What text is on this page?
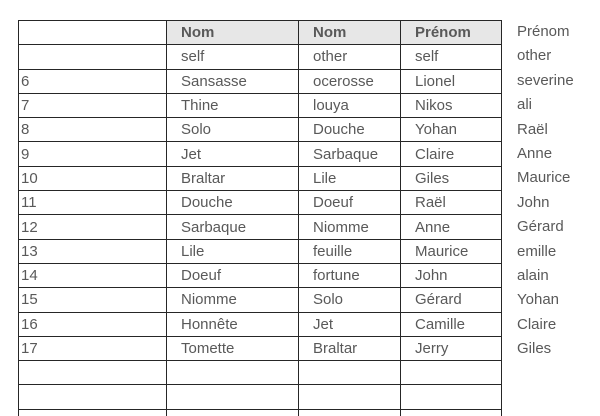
	Nom	Nom	Prénom
	self	other	self
6	Sansasse	ocerosse	Lionel
7	Thine	louya	Nikos
8	Solo	Douche	Yohan
9	Jet	Sarbaque	Claire
10	Braltar	Lile	Giles
11	Douche	Doeuf	Raël
12	Sarbaque	Niomme	Anne
13	Lile	feuille	Maurice
14	Doeuf	fortune	John
15	Niomme	Solo	Gérard
16	Honnête	Jet	Camille
17	Tomette	Braltar	Jerry

Prénom
other
severine
ali
Raël
Anne
Maurice
John
Gérard
emille
alain
Yohan
Claire
Giles
